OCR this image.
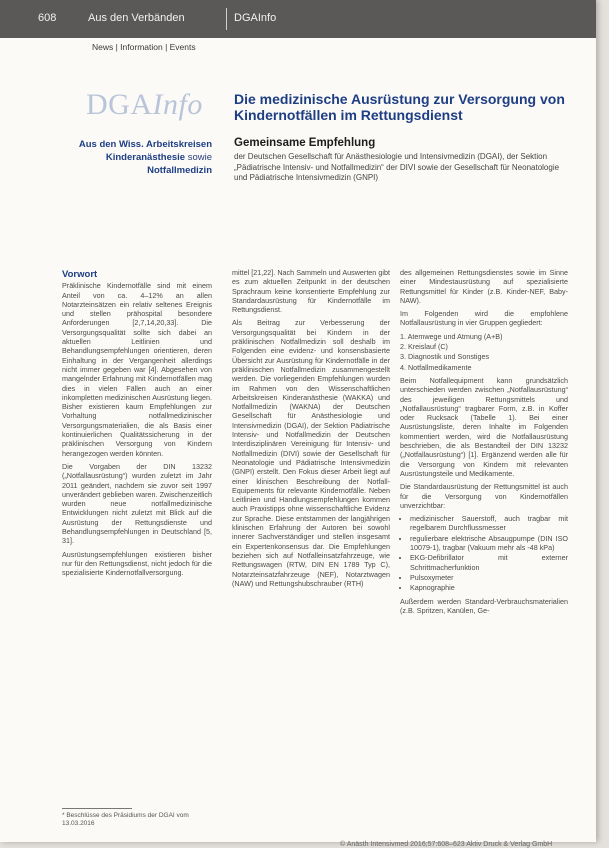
608	Aus den Verbänden	DGAInfo
News | Information | Events
DGAInfo Die medizinische Ausrüstung zur Versorgung von Kindernotfällen im Rettungsdienst
Aus den Wiss. Arbeitskreisen
Kinderanästhesie sowie
Notfallmedizin
Gemeinsame Empfehlung
der Deutschen Gesellschaft für Anästhesiologie und Intensivmedizin (DGAI), der Sektion „Pädiatrische Intensiv- und Notfallmedizin“ der DIVI sowie der Gesellschaft für Neonatologie und Pädiatrische Intensivmedizin (GNPI)
Vorwort

Präklinische Kindernotfälle sind mit einem Anteil von ca. 4–12% an allen Notarzteinsätzen ein relativ seltenes Ereignis und stellen prähospital besondere Anforderungen [2,7,14,20,33]. Die Versorgungsqualität sollte sich dabei an aktuellen Leitlinien und Behandlungsempfehlungen orientieren, deren Einhaltung in der Vergangenheit allerdings nicht immer gegeben war [4]. Abgesehen von mangelnder Erfahrung mit Kindernotfällen mag dies in vielen Fällen auch an einer inkompletten medizinischen Ausrüstung liegen. Bisher existieren kaum Empfehlungen zur Vorhaltung notfallmedizinischer Versorgungsmaterialien, die als Basis einer kontinuierlichen Qualitätssicherung in der präklinischen Versorgung von Kindern herangezogen werden könnten.

Die Vorgaben der DIN 13232 („Notfallausrüstung“) wurden zuletzt im Jahr 2011 geändert, nachdem sie zuvor seit 1997 unverändert geblieben waren. Zwischenzeitlich wurden neue notfallmedizinische Entwicklungen nicht zuletzt mit Blick auf die Ausrüstung der Rettungsdienste und Behandlungsempfehlungen in Deutschland [5, 31].

Ausrüstungsempfehlungen existieren bisher nur für den Rettungsdienst, nicht jedoch für die spezialisierte Kindernotfallversorgung.

mittel [21,22]. Nach Sammeln und Auswerten gibt es zum aktuellen Zeitpunkt in der deutschen Sprachraum keine konsentierte Empfehlung zur Standardausrüstung für Kindernotfälle im Rettungsdienst.

Als Beitrag zur Verbesserung der Versorgungsqualität bei Kindern in der präklinischen Notfallmedizin soll deshalb im Folgenden eine evidenz- und konsensbasierte Übersicht zur Ausrüstung für Kindernotfälle in der präklinischen Notfallmedizin zusammengestellt werden. Die vorliegenden Empfehlungen wurden im Rahmen von den Wissenschaftlichen Arbeitskreisen Kinderanästhesie (WAKKA) und Notfallmedizin (WAKNA) der Deutschen Gesellschaft für Anästhesiologie und Intensivmedizin (DGAI), der Sektion Pädiatrische Intensiv- und Notfallmedizin der Deutschen Interdisziplinären Vereinigung für Intensiv- und Notfallmedizin (DIVI) sowie der Gesellschaft für Neonatologie und Pädiatrische Intensivmedizin (GNPI) erstellt. Den Fokus dieser Arbeit liegt auf einer klinischen Beschreibung der Notfall-Equipements für relevante Kindernotfälle. Neben Leitlinien und Handlungsempfehlungen kommen auch Praxistipps ohne wissenschaftliche Evidenz zur Sprache. Diese entstammen der langjährigen klinischen Erfahrung der Autoren bei sowohl innerer Sachverständiger und stellen insgesamt ein Expertenkonsensus dar. Die Empfehlungen beziehen sich auf Notfalleinsatzfahrzeuge, wie Rettungswagen (RTW, DIN EN 1789 Typ C), Notarzteinsatzfahrzeuge (NEF), Notarztwagen (NAW) und Rettungshubschrauber (RTH)

des allgemeinen Rettungsdienstes sowie im Sinne einer Mindestausrüstung auf spezialisierte Rettungsmittel für Kinder (z.B. Kinder-NEF, Baby-NAW).

Im Folgenden wird die empfohlene Notfallausrüstung in vier Gruppen gegliedert:

1. Atemwege und Atmung (A+B)
2. Kreislauf (C)
3. Diagnostik und Sonstiges
4. Notfallmedikamente

Beim Notfallequipment kann grundsätzlich unterschieden werden zwischen „Notfallausrüstung“ des jeweiligen Rettungsmittels und „Notfallausrüstung“ tragbarer Form, z.B. in Koffer oder Rucksack (Tabelle 1). Bei einer Ausrüstungsliste, deren Inhalte im Folgenden kommentiert werden, wird die Notfallausrüstung beschrieben, die als Bestandteil der DIN 13232 („Notfallausrüstung“) [1]. Ergänzend werden alle für die Versorgung von Kindern mit relevanten Ausrüstungsteile und Medikamente.

Die Standardausrüstung der Rettungsmittel ist auch für die Versorgung von Kindernotfällen unverzichtbar:

• medizinischer Sauerstoff, auch tragbar mit regelbarem Durchflussmesser
• regulierbare elektrische Absaugpumpe (DIN ISO 10079-1), tragbar (Vakuum mehr als -48 kPa)
• EKG-Defibrillator mit externer Schrittmacherfunktion
• Pulsoxymeter
• Kapnographie

Außerdem werden Standard-Verbrauchsmaterialien (z.B. Spritzen, Kanülen, Ge-

* Beschlüsse des Präsidiums der DGAI vom 13.03.2016
© Anästh Intensivmed 2016;57:608–623 Aktiv Druck & Verlag GmbH
